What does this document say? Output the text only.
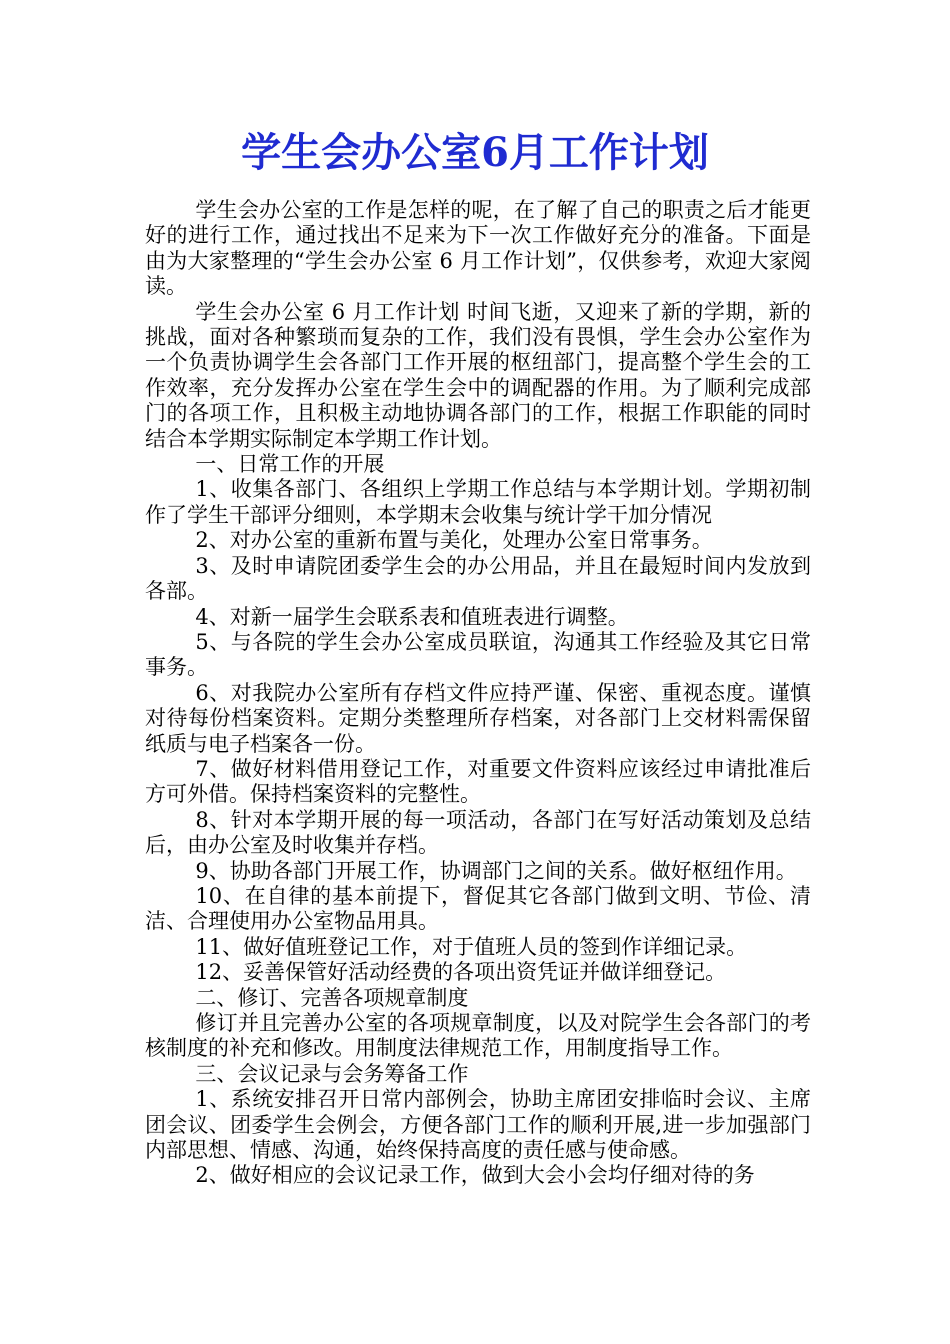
学生会办公室6月工作计划

学生会办公室的工作是怎样的呢，在了解了自己的职责之后才能更好的进行工作，通过找出不足来为下一次工作做好充分的准备。下面是由为大家整理的“学生会办公室 6 月工作计划”，仅供参考，欢迎大家阅读。

学生会办公室 6 月工作计划 时间飞逝，又迎来了新的学期，新的挑战，面对各种繁琐而复杂的工作，我们没有畏惧，学生会办公室作为一个负责协调学生会各部门工作开展的枢纽部门，提高整个学生会的工作效率，充分发挥办公室在学生会中的调配器的作用。为了顺利完成部门的各项工作，且积极主动地协调各部门的工作，根据工作职能的同时结合本学期实际制定本学期工作计划。

一、日常工作的开展

1、收集各部门、各组织上学期工作总结与本学期计划。学期初制作了学生干部评分细则，本学期末会收集与统计学干加分情况

2、对办公室的重新布置与美化，处理办公室日常事务。

3、及时申请院团委学生会的办公用品，并且在最短时间内发放到各部。

4、对新一届学生会联系表和值班表进行调整。

5、与各院的学生会办公室成员联谊，沟通其工作经验及其它日常事务。

6、对我院办公室所有存档文件应持严谨、保密、重视态度。谨慎对待每份档案资料。定期分类整理所存档案，对各部门上交材料需保留纸质与电子档案各一份。

7、做好材料借用登记工作，对重要文件资料应该经过申请批准后方可外借。保持档案资料的完整性。

8、针对本学期开展的每一项活动，各部门在写好活动策划及总结后，由办公室及时收集并存档。

9、协助各部门开展工作，协调部门之间的关系。做好枢纽作用。

10、在自律的基本前提下，督促其它各部门做到文明、节俭、清洁、合理使用办公室物品用具。

11、做好值班登记工作，对于值班人员的签到作详细记录。

12、妥善保管好活动经费的各项出资凭证并做详细登记。

二、修订、完善各项规章制度

修订并且完善办公室的各项规章制度，以及对院学生会各部门的考核制度的补充和修改。用制度法律规范工作，用制度指导工作。

三、会议记录与会务筹备工作

1、系统安排召开日常内部例会，协助主席团安排临时会议、主席团会议、团委学生会例会，方便各部门工作的顺利开展,进一步加强部门内部思想、情感、沟通，始终保持高度的责任感与使命感。

2、做好相应的会议记录工作，做到大会小会均仔细对待的务
